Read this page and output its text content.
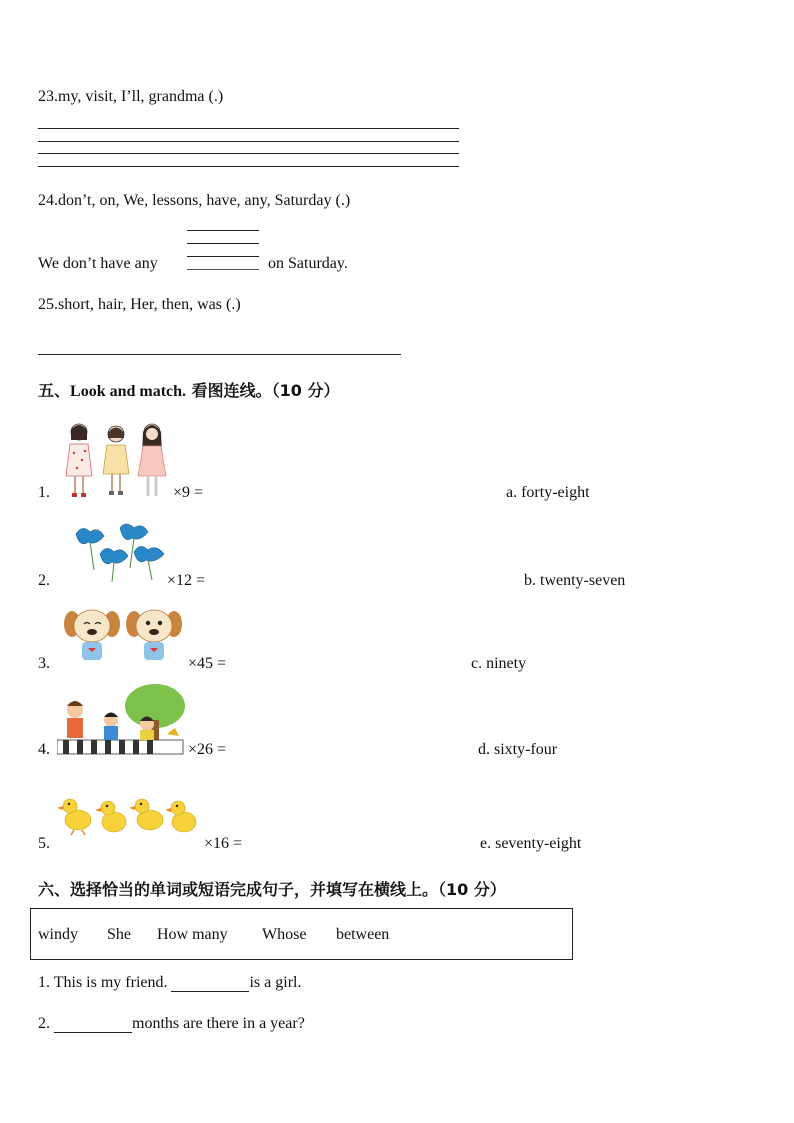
23.my, visit, I’ll, grandma (.)
24.don’t, on, We, lessons, have, any, Saturday (.)
We don’t have any	on Saturday.
25.short, hair, Her, then, was (.)
五、Look and match. 看图连线。（10 分）
1.	×9 =	a. forty-eight
2.	×12 =	b. twenty-seven
3.	×45 =	c. ninety
4.	×26 =	d. sixty-four
5.	×16 =	e. seventy-eight
六、选择恰当的单词或短语完成句子，并填写在横线上。（10 分）
windy She How many Whose between
1. This is my friend.	is a girl.
2.	months are there in a year?
